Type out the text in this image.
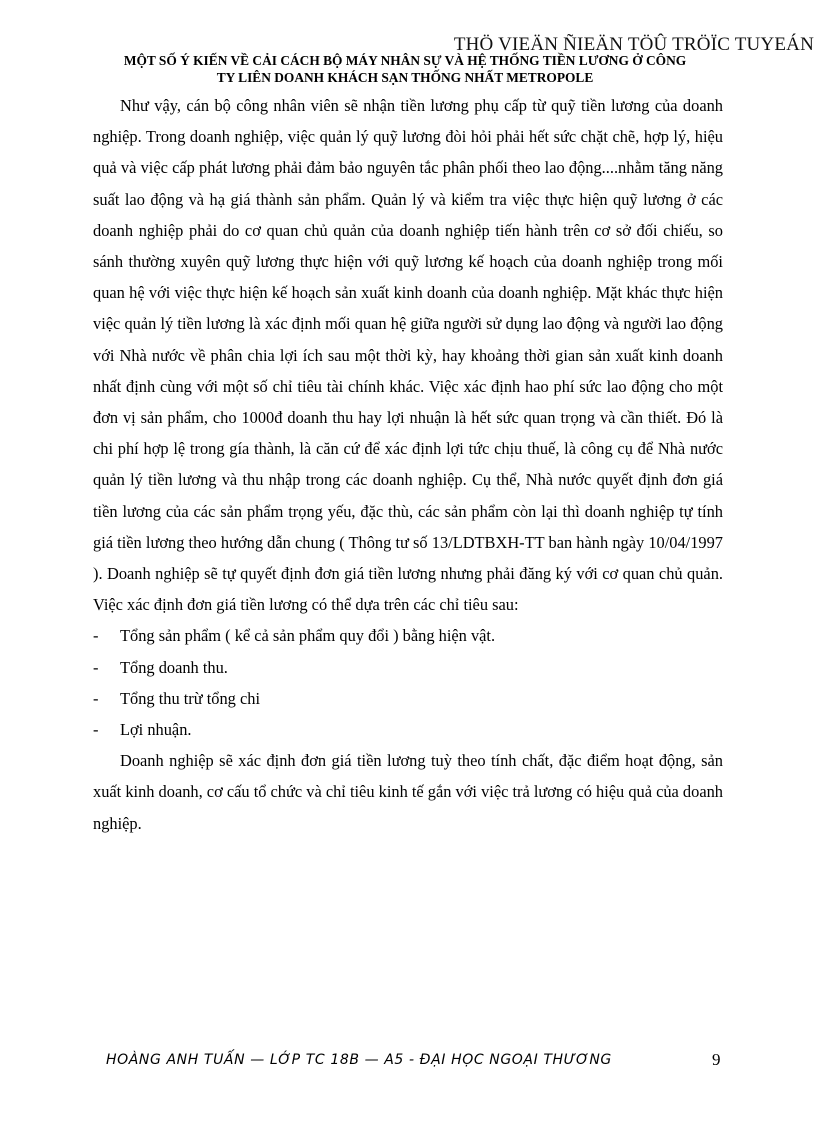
THÖ VIEÄN ÑIEÄN TÖÛ TRÖÏC TUYEÁN
MỘT SỐ Ý KIẾN VỀ CẢI CÁCH BỘ MÁY NHÂN SỰ VÀ HỆ THỐNG TIỀN LƯƠNG Ở CÔNG
TY LIÊN DOANH KHÁCH SẠN THỐNG NHẤT METROPOLE

Như vậy, cán bộ công nhân viên sẽ nhận tiền lương phụ cấp từ quỹ tiền lương của doanh nghiệp. Trong doanh nghiệp, việc quản lý quỹ lương đòi hỏi phải hết sức chặt chẽ, hợp lý, hiệu quả và việc cấp phát lương phải đảm bảo nguyên tắc phân phối theo lao động....nhằm tăng năng suất lao động và hạ giá thành sản phẩm. Quản lý và kiểm tra việc thực hiện quỹ lương ở các doanh nghiệp phải do cơ quan chủ quản của doanh nghiệp tiến hành trên cơ sở đối chiếu, so sánh thường xuyên quỹ lương thực hiện với quỹ lương kế hoạch của doanh nghiệp trong mối quan hệ với việc thực hiện kế hoạch sản xuất kinh doanh của doanh nghiệp. Mặt khác thực hiện việc quản lý tiền lương là xác định mối quan hệ giữa người sử dụng lao động và người lao động với Nhà nước về phân chia lợi ích sau một thời kỳ, hay khoảng thời gian sản xuất kinh doanh nhất định cùng với một số chỉ tiêu tài chính khác. Việc xác định hao phí sức lao động cho một đơn vị sản phẩm, cho 1000đ doanh thu hay lợi nhuận là hết sức quan trọng và cần thiết. Đó là chi phí hợp lệ trong gía thành, là căn cứ để xác định lợi tức chịu thuế, là công cụ để Nhà nước quản lý tiền lương và thu nhập trong các doanh nghiệp. Cụ thể, Nhà nước quyết định đơn giá tiền lương của các sản phẩm trọng yếu, đặc thù, các sản phẩm còn lại thì doanh nghiệp tự tính giá tiền lương theo hướng dẫn chung ( Thông tư số 13/LDTBXH-TT ban hành ngày 10/04/1997 ). Doanh nghiệp sẽ tự quyết định đơn giá tiền lương nhưng phải đăng ký với cơ quan chủ quản. Việc xác định đơn giá tiền lương có thể dựa trên các chỉ tiêu sau:

- Tổng sản phẩm ( kể cả sản phẩm quy đổi ) bằng hiện vật.
- Tổng doanh thu.
- Tổng thu trừ tổng chi
- Lợi nhuận.

Doanh nghiệp sẽ xác định đơn giá tiền lương tuỳ theo tính chất, đặc điểm hoạt động, sản xuất kinh doanh, cơ cấu tổ chức và chỉ tiêu kinh tế gắn với việc trả lương có hiệu quả của doanh nghiệp.

HOÀNG ANH TUẤN — LỚP TC 18B — A5 - ĐẠI HỌC NGOẠI THƯƠNG	9
